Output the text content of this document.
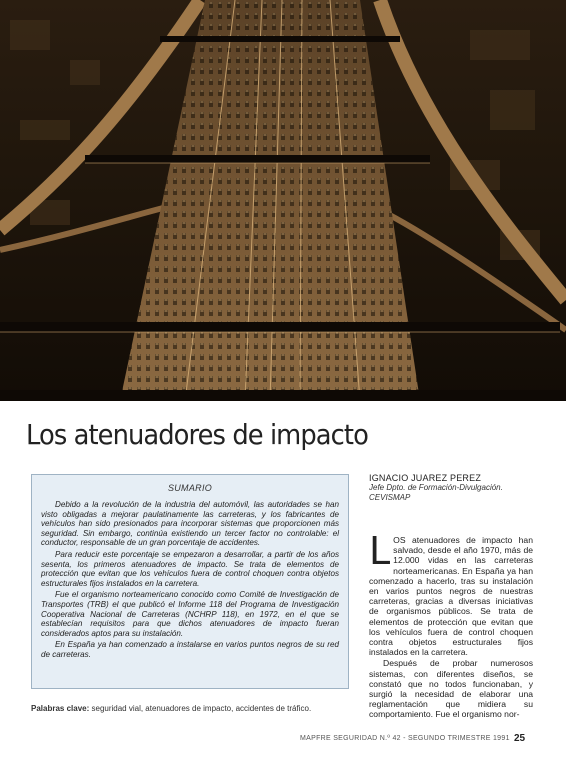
Los atenuadores de impacto
SUMARIO

Debido a la revolución de la industria del automóvil, las autoridades se han visto obligadas a mejorar paulatinamente las carreteras, y los fabricantes de vehículos han sido presionados para incorporar sistemas que proporcionen más seguridad. Sin embargo, continúa existiendo un tercer factor no controlable: el conductor, responsable de un gran porcentaje de accidentes.

Para reducir este porcentaje se empezaron a desarrollar, a partir de los años sesenta, los primeros atenuadores de impacto. Se trata de elementos de protección que evitan que los vehículos fuera de control choquen contra objetos estructurales fijos instalados en la carretera.

Fue el organismo norteamericano conocido como Comité de Investigación de Transportes (TRB) el que publicó el Informe 118 del Programa de Investigación Cooperativa Nacional de Carreteras (NCHRP 118), en 1972, en el que se establecían requisitos para que dichos atenuadores de impacto fueran considerados aptos para su instalación.

En España ya han comenzado a instalarse en varios puntos negros de su red de carreteras.

Palabras clave: seguridad vial, atenuadores de impacto, accidentes de tráfico.

IGNACIO JUAREZ PEREZ

Jefe Dpto. de Formación-Divulgación.

CEVISMAP

LOS atenuadores de impacto han salvado, desde el año 1970, más de 12.000 vidas en las carreteras norteamericanas. En España ya han comenzado a hacerlo, tras su instalación en varios puntos negros de nuestras carreteras, gracias a diversas iniciativas de organismos públicos. Se trata de elementos de protección que evitan que los vehículos fuera de control choquen contra objetos estructurales fijos instalados en la carretera.

Después de probar numerosos sistemas, con diferentes diseños, se constató que no todos funcionaban, y surgió la necesidad de elaborar una reglamentación que midiera su comportamiento. Fue el organismo nor-

MAPFRE SEGURIDAD N.º 42 - SEGUNDO TRIMESTRE 1991 25
